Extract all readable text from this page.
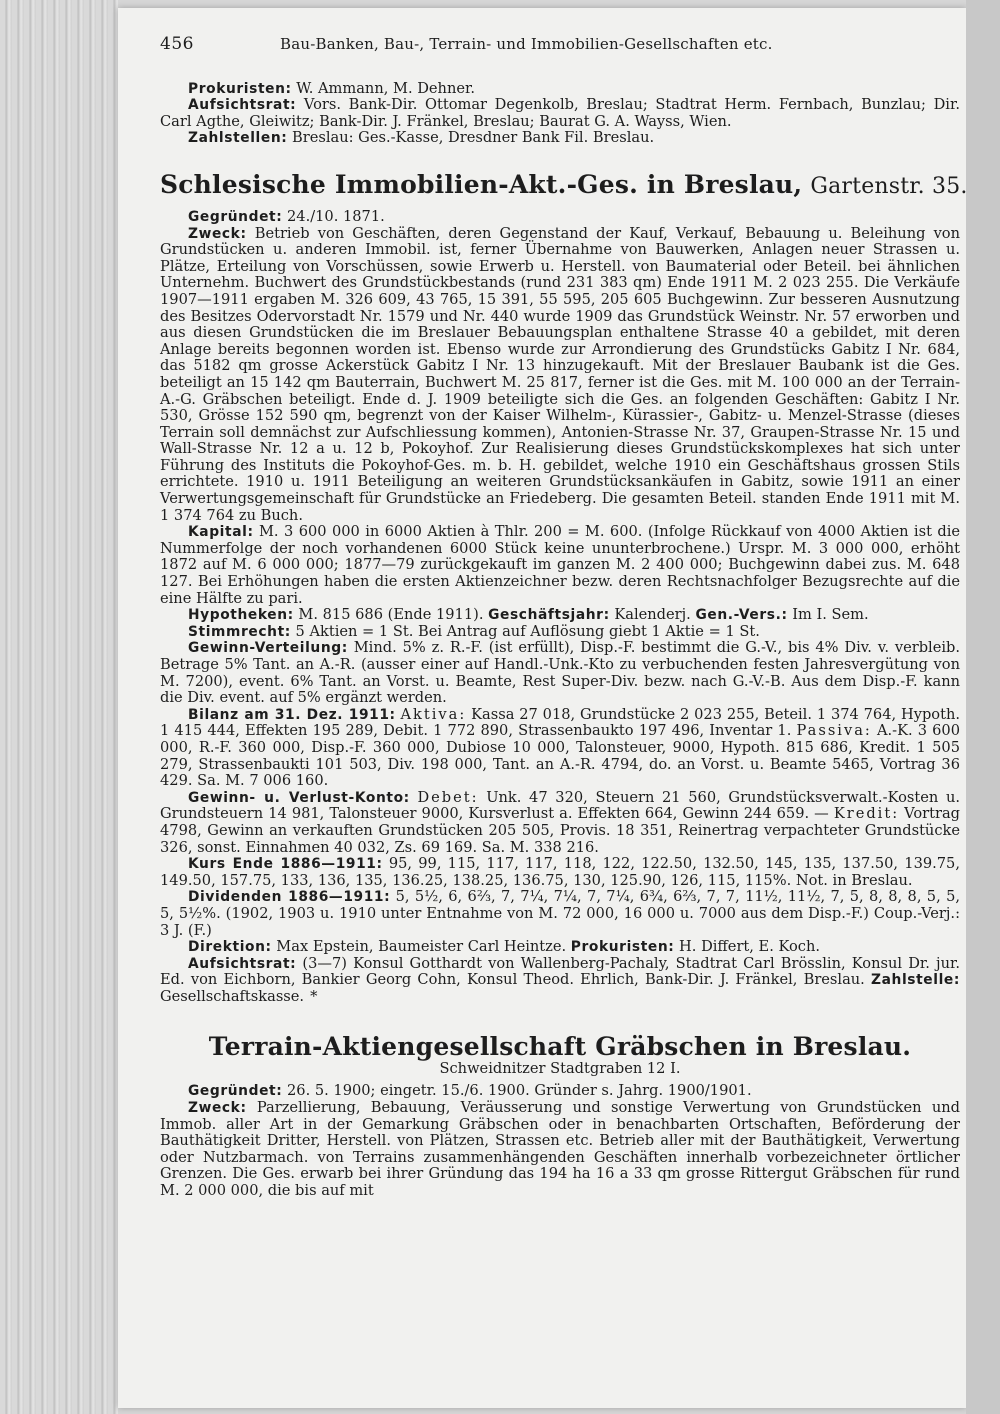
456	Bau-Banken, Bau-, Terrain- und Immobilien-Gesellschaften etc.

Prokuristen: W. Ammann, M. Dehner.

Aufsichtsrat: Vors. Bank-Dir. Ottomar Degenkolb, Breslau; Stadtrat Herm. Fernbach, Bunzlau; Dir. Carl Agthe, Gleiwitz; Bank-Dir. J. Fränkel, Breslau; Baurat G. A. Wayss, Wien.

Zahlstellen: Breslau: Ges.-Kasse, Dresdner Bank Fil. Breslau.

Schlesische Immobilien-Akt.-Ges. in Breslau, Gartenstr. 35.

Gegründet: 24./10. 1871.

Zweck: Betrieb von Geschäften, deren Gegenstand der Kauf, Verkauf, Bebauung u. Beleihung von Grundstücken u. anderen Immobil. ist, ferner Übernahme von Bauwerken, Anlagen neuer Strassen u. Plätze, Erteilung von Vorschüssen, sowie Erwerb u. Herstell. von Baumaterial oder Beteil. bei ähnlichen Unternehm. Buchwert des Grundstückbestands (rund 231 383 qm) Ende 1911 M. 2 023 255. Die Verkäufe 1907—1911 ergaben M. 326 609, 43 765, 15 391, 55 595, 205 605 Buchgewinn. Zur besseren Ausnutzung des Besitzes Odervorstadt Nr. 1579 und Nr. 440 wurde 1909 das Grundstück Weinstr. Nr. 57 erworben und aus diesen Grundstücken die im Breslauer Bebauungsplan enthaltene Strasse 40 a gebildet, mit deren Anlage bereits begonnen worden ist. Ebenso wurde zur Arrondierung des Grundstücks Gabitz I Nr. 684, das 5182 qm grosse Ackerstück Gabitz I Nr. 13 hinzugekauft. Mit der Breslauer Baubank ist die Ges. beteiligt an 15 142 qm Bauterrain, Buchwert M. 25 817, ferner ist die Ges. mit M. 100 000 an der Terrain-A.-G. Gräbschen beteiligt. Ende d. J. 1909 beteiligte sich die Ges. an folgenden Geschäften: Gabitz I Nr. 530, Grösse 152 590 qm, begrenzt von der Kaiser Wilhelm-, Kürassier-, Gabitz- u. Menzel-Strasse (dieses Terrain soll demnächst zur Aufschliessung kommen), Antonien-Strasse Nr. 37, Graupen-Strasse Nr. 15 und Wall-Strasse Nr. 12 a u. 12 b, Pokoyhof. Zur Realisierung dieses Grundstückskomplexes hat sich unter Führung des Instituts die Pokoyhof-Ges. m. b. H. gebildet, welche 1910 ein Geschäftshaus grossen Stils errichtete. 1910 u. 1911 Beteiligung an weiteren Grundstücksankäufen in Gabitz, sowie 1911 an einer Verwertungsgemeinschaft für Grundstücke an Friedeberg. Die gesamten Beteil. standen Ende 1911 mit M. 1 374 764 zu Buch.

Kapital: M. 3 600 000 in 6000 Aktien à Thlr. 200 = M. 600. (Infolge Rückkauf von 4000 Aktien ist die Nummerfolge der noch vorhandenen 6000 Stück keine ununterbrochene.) Urspr. M. 3 000 000, erhöht 1872 auf M. 6 000 000; 1877—79 zurückgekauft im ganzen M. 2 400 000; Buchgewinn dabei zus. M. 648 127. Bei Erhöhungen haben die ersten Aktienzeichner bezw. deren Rechtsnachfolger Bezugsrechte auf die eine Hälfte zu pari.

Hypotheken: M. 815 686 (Ende 1911). Geschäftsjahr: Kalenderj. Gen.-Vers.: Im I. Sem.

Stimmrecht: 5 Aktien = 1 St. Bei Antrag auf Auflösung giebt 1 Aktie = 1 St.

Gewinn-Verteilung: Mind. 5% z. R.-F. (ist erfüllt), Disp.-F. bestimmt die G.-V., bis 4% Div. v. verbleib. Betrage 5% Tant. an A.-R. (ausser einer auf Handl.-Unk.-Kto zu verbuchenden festen Jahresvergütung von M. 7200), event. 6% Tant. an Vorst. u. Beamte, Rest Super-Div. bezw. nach G.-V.-B. Aus dem Disp.-F. kann die Div. event. auf 5% ergänzt werden.

Bilanz am 31. Dez. 1911: Aktiva: Kassa 27 018, Grundstücke 2 023 255, Beteil. 1 374 764, Hypoth. 1 415 444, Effekten 195 289, Debit. 1 772 890, Strassenbaukto 197 496, Inventar 1. Passiva: A.-K. 3 600 000, R.-F. 360 000, Disp.-F. 360 000, Dubiose 10 000, Talonsteuer, 9000, Hypoth. 815 686, Kredit. 1 505 279, Strassenbaukti 101 503, Div. 198 000, Tant. an A.-R. 4794, do. an Vorst. u. Beamte 5465, Vortrag 36 429. Sa. M. 7 006 160.

Gewinn- u. Verlust-Konto: Debet: Unk. 47 320, Steuern 21 560, Grundstücksverwalt.-Kosten u. Grundsteuern 14 981, Talonsteuer 9000, Kursverlust a. Effekten 664, Gewinn 244 659. — Kredit: Vortrag 4798, Gewinn an verkauften Grundstücken 205 505, Provis. 18 351, Reinertrag verpachteter Grundstücke 326, sonst. Einnahmen 40 032, Zs. 69 169. Sa. M. 338 216.

Kurs Ende 1886—1911: 95, 99, 115, 117, 117, 118, 122, 122.50, 132.50, 145, 135, 137.50, 139.75, 149.50, 157.75, 133, 136, 135, 136.25, 138.25, 136.75, 130, 125.90, 126, 115, 115%. Not. in Breslau.

Dividenden 1886—1911: 5, 5½, 6, 6⅔, 7, 7¼, 7¼, 7, 7¼, 6¾, 6⅔, 7, 7, 11½, 11½, 7, 5, 8, 8, 8, 5, 5, 5, 5½%. (1902, 1903 u. 1910 unter Entnahme von M. 72 000, 16 000 u. 7000 aus dem Disp.-F.) Coup.-Verj.: 3 J. (F.)

Direktion: Max Epstein, Baumeister Carl Heintze. Prokuristen: H. Differt, E. Koch.

Aufsichtsrat: (3—7) Konsul Gotthardt von Wallenberg-Pachaly, Stadtrat Carl Brösslin, Konsul Dr. jur. Ed. von Eichborn, Bankier Georg Cohn, Konsul Theod. Ehrlich, Bank-Dir. J. Fränkel, Breslau. Zahlstelle: Gesellschaftskasse. *

Terrain-Aktiengesellschaft Gräbschen in Breslau.
Schweidnitzer Stadtgraben 12 I.

Gegründet: 26. 5. 1900; eingetr. 15./6. 1900. Gründer s. Jahrg. 1900/1901.

Zweck: Parzellierung, Bebauung, Veräusserung und sonstige Verwertung von Grundstücken und Immob. aller Art in der Gemarkung Gräbschen oder in benachbarten Ortschaften, Beförderung der Bauthätigkeit Dritter, Herstell. von Plätzen, Strassen etc. Betrieb aller mit der Bauthätigkeit, Verwertung oder Nutzbarmach. von Terrains zusammenhängenden Geschäften innerhalb vorbezeichneter örtlicher Grenzen. Die Ges. erwarb bei ihrer Gründung das 194 ha 16 a 33 qm grosse Rittergut Gräbschen für rund M. 2 000 000, die bis auf mit
